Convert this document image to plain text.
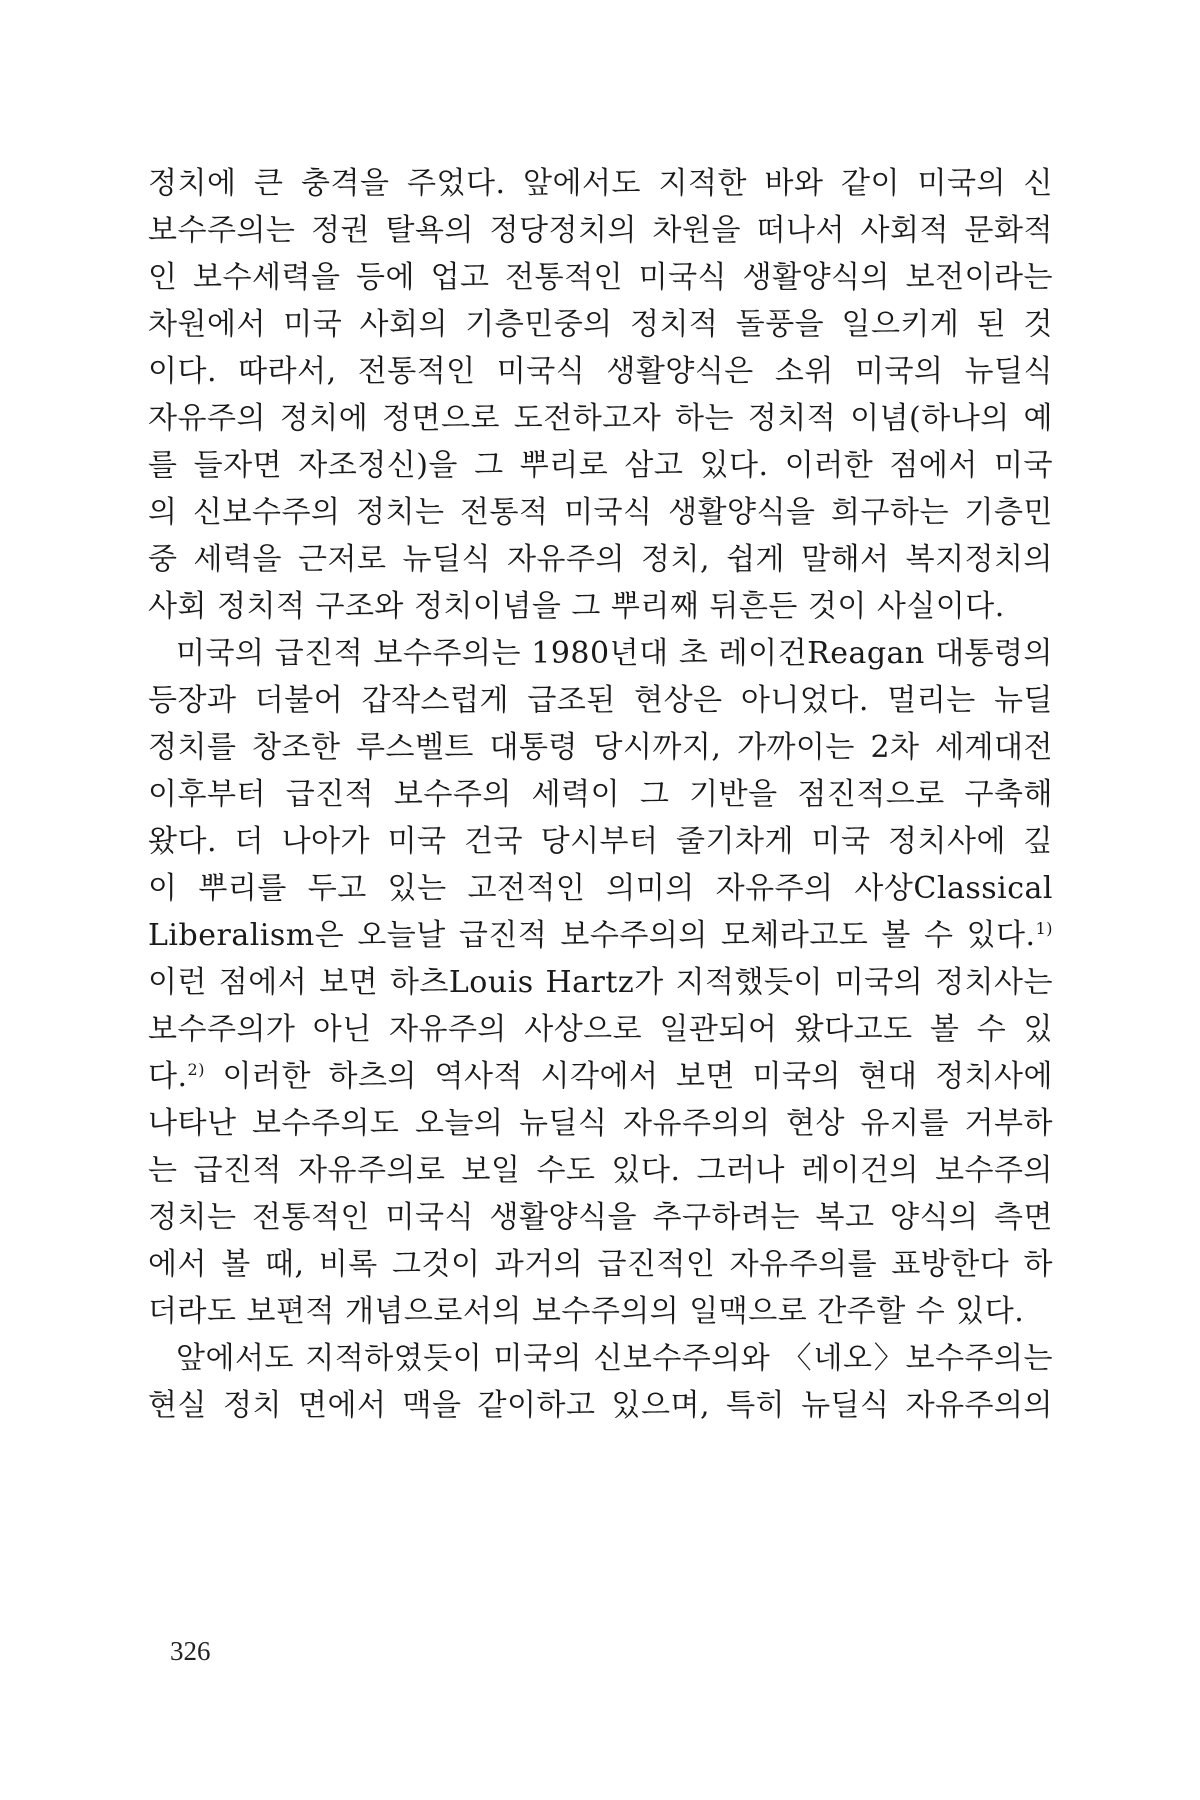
정치에 큰 충격을 주었다. 앞에서도 지적한 바와 같이 미국의 신
보수주의는 정권 탈욕의 정당정치의 차원을 떠나서 사회적 문화적
인 보수세력을 등에 업고 전통적인 미국식 생활양식의 보전이라는
차원에서 미국 사회의 기층민중의 정치적 돌풍을 일으키게 된 것
이다. 따라서, 전통적인 미국식 생활양식은 소위 미국의 뉴딜식
자유주의 정치에 정면으로 도전하고자 하는 정치적 이념(하나의 예
를 들자면 자조정신)을 그 뿌리로 삼고 있다. 이러한 점에서 미국
의 신보수주의 정치는 전통적 미국식 생활양식을 희구하는 기층민
중 세력을 근저로 뉴딜식 자유주의 정치, 쉽게 말해서 복지정치의
사회 정치적 구조와 정치이념을 그 뿌리째 뒤흔든 것이 사실이다.
미국의 급진적 보수주의는 1980년대 초 레이건Reagan 대통령의
등장과 더불어 갑작스럽게 급조된 현상은 아니었다. 멀리는 뉴딜
정치를 창조한 루스벨트 대통령 당시까지, 가까이는 2차 세계대전
이후부터 급진적 보수주의 세력이 그 기반을 점진적으로 구축해
왔다. 더 나아가 미국 건국 당시부터 줄기차게 미국 정치사에 깊
이 뿌리를 두고 있는 고전적인 의미의 자유주의 사상Classical
Liberalism은 오늘날 급진적 보수주의의 모체라고도 볼 수 있다.$^{1)}$
이런 점에서 보면 하츠Louis Hartz가 지적했듯이 미국의 정치사는
보수주의가 아닌 자유주의 사상으로 일관되어 왔다고도 볼 수 있
다.$^{2)}$ 이러한 하츠의 역사적 시각에서 보면 미국의 현대 정치사에
나타난 보수주의도 오늘의 뉴딜식 자유주의의 현상 유지를 거부하
는 급진적 자유주의로 보일 수도 있다. 그러나 레이건의 보수주의
정치는 전통적인 미국식 생활양식을 추구하려는 복고 양식의 측면
에서 볼 때, 비록 그것이 과거의 급진적인 자유주의를 표방한다 하
더라도 보편적 개념으로서의 보수주의의 일맥으로 간주할 수 있다.
앞에서도 지적하였듯이 미국의 신보수주의와 〈네오〉보수주의는
현실 정치 면에서 맥을 같이하고 있으며, 특히 뉴딜식 자유주의의
326
